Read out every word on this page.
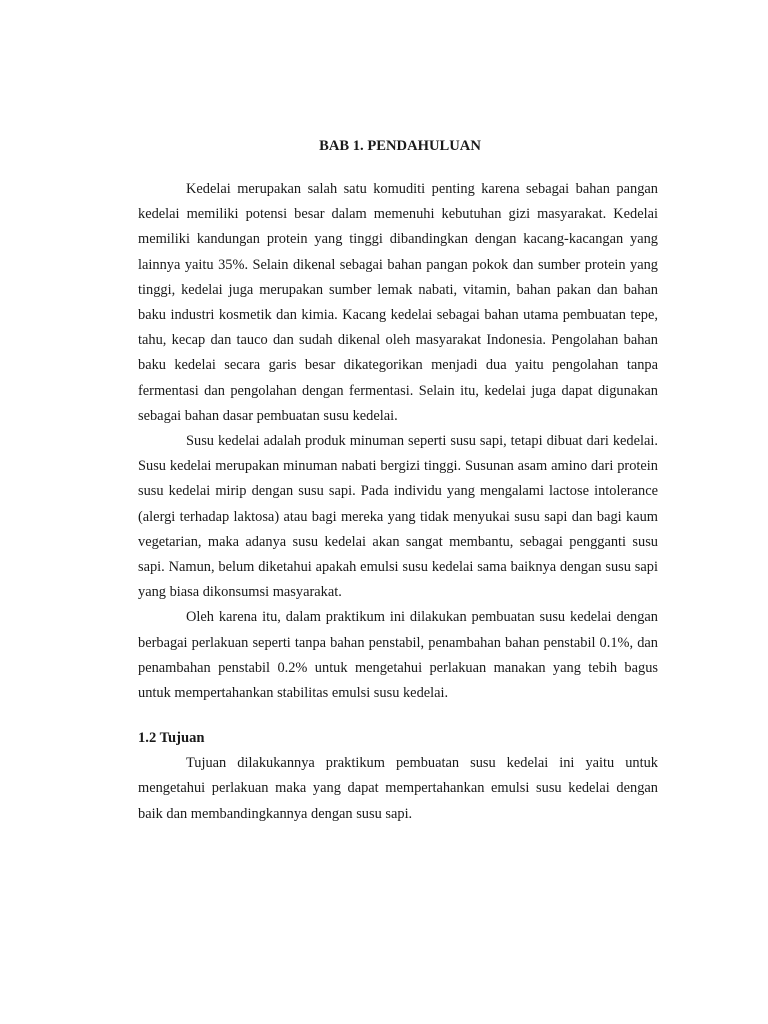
BAB 1. PENDAHULUAN

Kedelai merupakan salah satu komuditi penting karena sebagai bahan pangan kedelai memiliki potensi besar dalam memenuhi kebutuhan gizi masyarakat. Kedelai memiliki kandungan protein yang tinggi dibandingkan dengan kacang-kacangan yang lainnya yaitu 35%. Selain dikenal sebagai bahan pangan pokok dan sumber protein yang tinggi, kedelai juga merupakan sumber lemak nabati, vitamin, bahan pakan dan bahan baku industri kosmetik dan kimia. Kacang kedelai sebagai bahan utama pembuatan tepe, tahu, kecap dan tauco dan sudah dikenal oleh masyarakat Indonesia. Pengolahan bahan baku kedelai secara garis besar dikategorikan menjadi dua yaitu pengolahan tanpa fermentasi dan pengolahan dengan fermentasi. Selain itu, kedelai juga dapat digunakan sebagai bahan dasar pembuatan susu kedelai.

Susu kedelai adalah produk minuman seperti susu sapi, tetapi dibuat dari kedelai. Susu kedelai merupakan minuman nabati bergizi tinggi. Susunan asam amino dari protein susu kedelai mirip dengan susu sapi. Pada individu yang mengalami lactose intolerance (alergi terhadap laktosa) atau bagi mereka yang tidak menyukai susu sapi dan bagi kaum vegetarian, maka adanya susu kedelai akan sangat membantu, sebagai pengganti susu sapi. Namun, belum diketahui apakah emulsi susu kedelai sama baiknya dengan susu sapi yang biasa dikonsumsi masyarakat.

Oleh karena itu, dalam praktikum ini dilakukan pembuatan susu kedelai dengan berbagai perlakuan seperti tanpa bahan penstabil, penambahan bahan penstabil 0.1%, dan penambahan penstabil 0.2% untuk mengetahui perlakuan manakan yang tebih bagus untuk mempertahankan stabilitas emulsi susu kedelai.

1.2 Tujuan

Tujuan dilakukannya praktikum pembuatan susu kedelai ini yaitu untuk mengetahui perlakuan maka yang dapat mempertahankan emulsi susu kedelai dengan baik dan membandingkannya dengan susu sapi.
